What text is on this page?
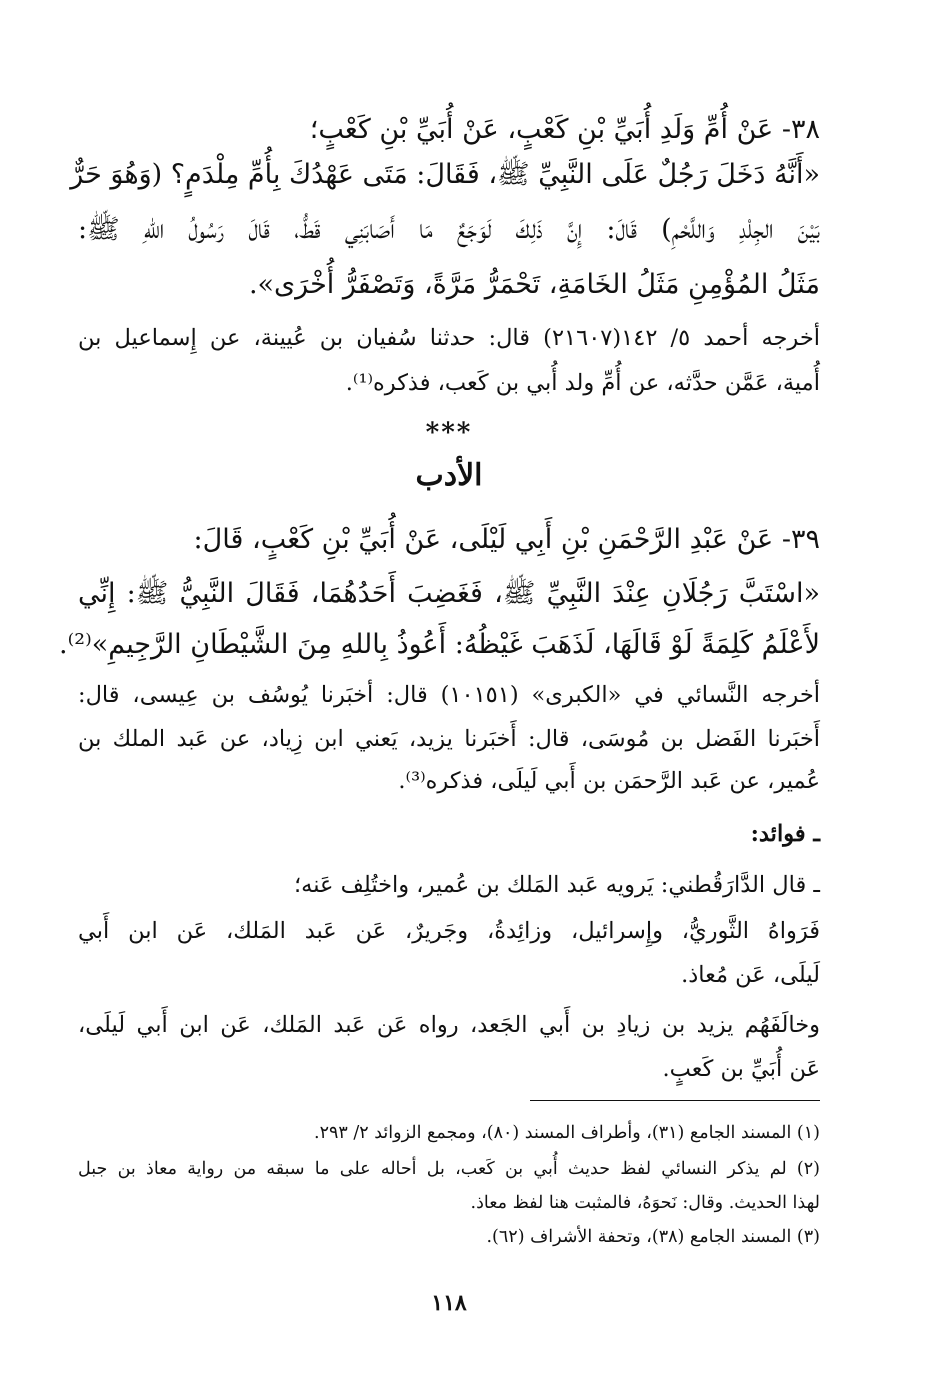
٣٨- عَنْ أُمِّ وَلَدِ أُبَيِّ بْنِ كَعْبٍ، عَنْ أُبَيِّ بْنِ كَعْبٍ؛
«أَنَّهُ دَخَلَ رَجُلٌ عَلَى النَّبِيِّ ﷺ، فَقَالَ: مَتَى عَهْدُكَ بِأُمِّ مِلْدَمٍ؟ (وَهُوَ حَرٌّ
بَيْنَ الجِلْدِ وَاللَّحْمِ) قَالَ: إِنَّ ذَلِكَ لَوَجَعٌ مَا أَصَابَنِي قَطُّ، قَالَ رَسُولُ اللهِ ﷺ:
مَثَلُ المُؤْمِنِ مَثَلُ الخَامَةِ، تَحْمَرُّ مَرَّةً، وَتَصْفَرُّ أُخْرَى».
أخرجه أحمد ٥/ ١٤٢(٢١٦٠٧) قال: حدثنا سُفيان بن عُيينة، عن إِسماعيل بن
أُمية، عَمَّن حدَّثه، عن أُمِّ ولد أُبي بن كَعب، فذكره⁽¹⁾.
***
الأدب
٣٩- عَنْ عَبْدِ الرَّحْمَنِ بْنِ أَبِي لَيْلَى، عَنْ أُبَيِّ بْنِ كَعْبٍ، قَالَ:
«اسْتَبَّ رَجُلَانِ عِنْدَ النَّبِيِّ ﷺ، فَغَضِبَ أَحَدُهُمَا، فَقَالَ النَّبِيُّ ﷺ: إِنِّي
لأَعْلَمُ كَلِمَةً لَوْ قَالَهَا، لَذَهَبَ غَيْظُهُ: أَعُوذُ بِاللهِ مِنَ الشَّيْطَانِ الرَّجِيمِ»⁽²⁾.
أخرجه النَّسائي في «الكبرى» (١٠١٥١) قال: أخبَرنا يُوسُف بن عِيسى، قال:
أَخبَرنا الفَضل بن مُوسَى، قال: أَخبَرنا يزيد، يَعني ابن زِياد، عن عَبد الملك بن
عُمير، عن عَبد الرَّحمَن بن أَبي لَيلَى، فذكره⁽³⁾.
ـ فوائد:
ـ قال الدَّارَقُطني: يَرويه عَبد المَلك بن عُمير، واختُلِف عَنه؛
فَرَواهُ الثَّوريُّ، وإِسرائيل، وزائِدةُ، وجَريرٌ، عَن عَبد المَلك، عَن ابن أَبي
لَيلَى، عَن مُعاذ.
وخالَفَهُم يزيد بن زيادِ بن أَبي الجَعد، رواه عَن عَبد المَلك، عَن ابن أَبي لَيلَى،
عَن أُبَيِّ بن كَعبٍ.
(١) المسند الجامع (٣١)، وأطراف المسند (٨٠)، ومجمع الزوائد ٢/ ٢٩٣.
(٢) لم يذكر النسائي لفظ حديث أُبي بن كَعب، بل أحاله على ما سبقه من رواية معاذ بن جبل
لهذا الحديث. وقال: نَحوَهُ، فالمثبت هنا لفظ معاذ.
(٣) المسند الجامع (٣٨)، وتحفة الأشراف (٦٢).
١١٨
